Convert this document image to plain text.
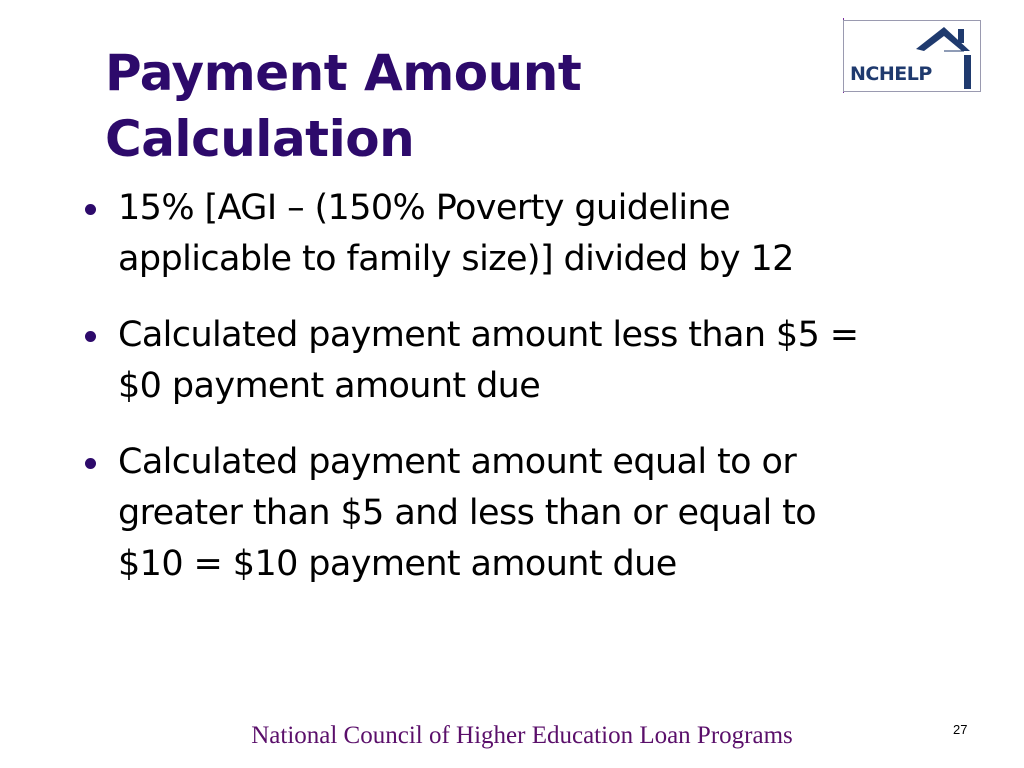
Payment Amount
Calculation
NCHELP
15% [AGI – (150% Poverty guideline
applicable to family size)] divided by 12
Calculated payment amount less than $5 =
$0 payment amount due
Calculated payment amount equal to or
greater than $5 and less than or equal to
$10 = $10 payment amount due
National Council of Higher Education Loan Programs	27
